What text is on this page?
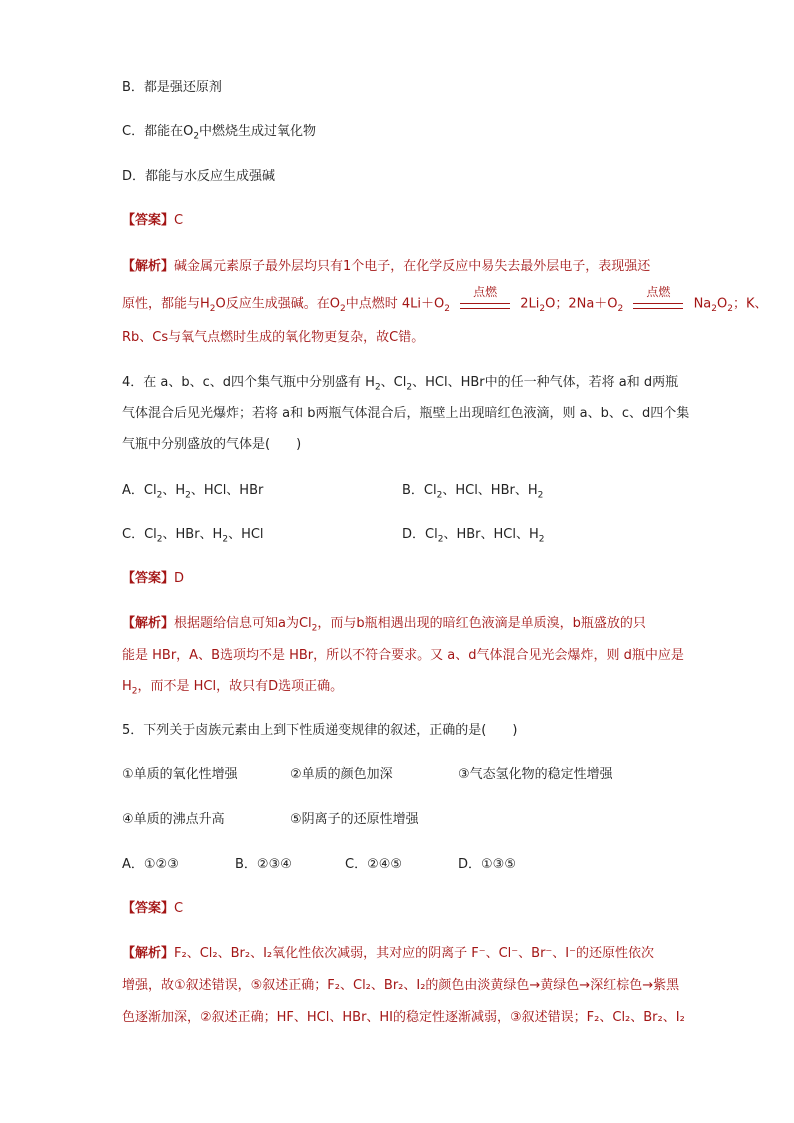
B．都是强还原剂
C．都能在$O_2$中燃烧生成过氧化物
D．都能与水反应生成强碱
【答案】C
【解析】碱金属元素原子最外层均只有1个电子，在化学反应中易失去最外层电子，表现强还
原性，都能与$H_2O$反应生成强碱。在$O_2$中点燃时 $4Li+O_2$
点燃
$2Li_2O$；$2Na+O_2$
点燃
$Na_2O_2$；K、
Rb、Cs与氧气点燃时生成的氧化物更复杂，故C错。
4．在 a、b、c、d四个集气瓶中分别盛有 $H_2$、$Cl_2$、HCl、HBr中的任一种气体，若将 a和 d两瓶
气体混合后见光爆炸；若将 a和 b两瓶气体混合后，瓶壁上出现暗红色液滴，则 a、b、c、d四个集
气瓶中分别盛放的气体是(　　)
A．$Cl_2$、$H_2$、HCl、HBr	B．$Cl_2$、HCl、HBr、$H_2$
C．$Cl_2$、HBr、$H_2$、HCl	D．$Cl_2$、HBr、HCl、$H_2$
【答案】D
【解析】根据题给信息可知a为$Cl_2$，而与b瓶相遇出现的暗红色液滴是单质溴，b瓶盛放的只
能是 HBr，A、B选项均不是 HBr，所以不符合要求。又 a、d气体混合见光会爆炸，则 d瓶中应是
$H_2$，而不是 HCl，故只有D选项正确。
5．下列关于卤族元素由上到下性质递变规律的叙述，正确的是(　　)
①单质的氧化性增强	②单质的颜色加深	③气态氢化物的稳定性增强
④单质的沸点升高	⑤阴离子的还原性增强
A．①②③	B．②③④	C．②④⑤	D．①③⑤
【答案】C
【解析】F₂、Cl₂、Br₂、I₂氧化性依次减弱，其对应的阴离子 F⁻、Cl⁻、Br⁻、I⁻的还原性依次
增强，故①叙述错误，⑤叙述正确；F₂、Cl₂、Br₂、I₂的颜色由淡黄绿色→黄绿色→深红棕色→紫黑
色逐渐加深，②叙述正确；HF、HCl、HBr、HI的稳定性逐渐减弱，③叙述错误；F₂、Cl₂、Br₂、I₂
